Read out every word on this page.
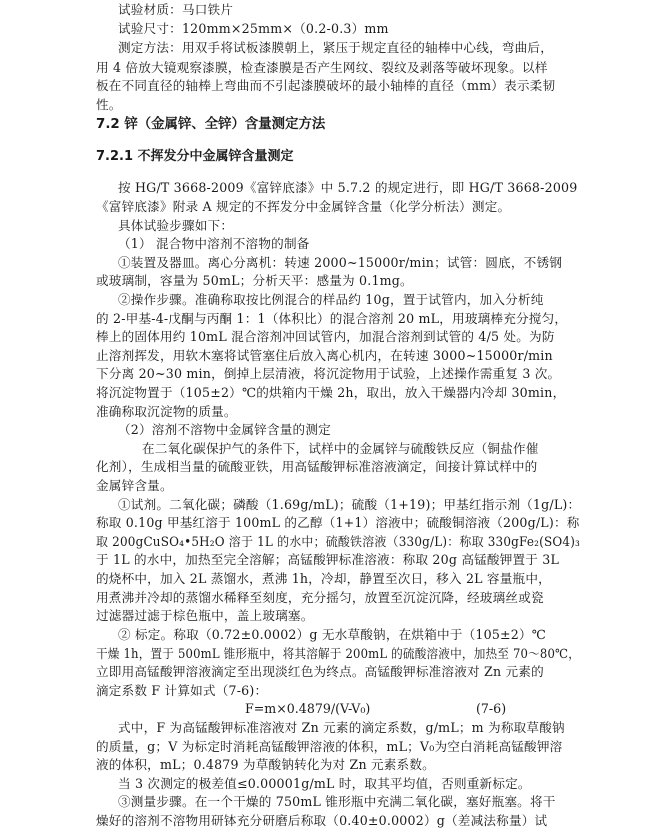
试验材质：马口铁片
试验尺寸：120mm×25mm×（0.2-0.3）mm
测定方法：用双手将试板漆膜朝上，紧压于规定直径的轴棒中心线，弯曲后，
用 4 倍放大镜观察漆膜，检查漆膜是否产生网纹、裂纹及剥落等破坏现象。以样
板在不同直径的轴棒上弯曲而不引起漆膜破坏的最小轴棒的直径（mm）表示柔韧
性。
7.2 锌（金属锌、全锌）含量测定方法
7.2.1 不挥发分中金属锌含量测定
按 HG/T 3668-2009《富锌底漆》中 5.7.2 的规定进行，即 HG/T 3668-2009
《富锌底漆》附录 A 规定的不挥发分中金属锌含量（化学分析法）测定。
具体试验步骤如下：
（1） 混合物中溶剂不溶物的制备
①装置及器皿。离心分离机：转速 2000~15000r/min；试管：圆底，不锈钢
或玻璃制，容量为 50mL；分析天平：感量为 0.1mg。
②操作步骤。准确称取按比例混合的样品约 10g，置于试管内，加入分析纯
的 2-甲基-4-戊酮与丙酮 1：1（体积比）的混合溶剂 20 mL，用玻璃棒充分搅匀，
棒上的固体用约 10mL 混合溶剂冲回试管内，加混合溶剂到试管的 4/5 处。为防
止溶剂挥发，用软木塞将试管塞住后放入离心机内，在转速 3000~15000r/min
下分离 20~30 min，倒掉上层清液，将沉淀物用于试验，上述操作需重复 3 次。
将沉淀物置于（105±2）℃的烘箱内干燥 2h，取出，放入干燥器内冷却 30min，
准确称取沉淀物的质量。
（2）溶剂不溶物中金属锌含量的测定
在二氧化碳保护气的条件下，试样中的金属锌与硫酸铁反应（铜盐作催
化剂），生成相当量的硫酸亚铁，用高锰酸钾标准溶液滴定，间接计算试样中的
金属锌含量。
①试剂。二氧化碳；磷酸（1.69g/mL)；硫酸（1+19)；甲基红指示剂（1g/L)：
称取 0.10g 甲基红溶于 100mL 的乙醇（1+1）溶液中；硫酸铜溶液（200g/L)：称
取 200gCuSO₄•5H₂O 溶于 1L 的水中；硫酸铁溶液（330g/L)：称取 330gFe₂(SO4)₃
于 1L 的水中，加热至完全溶解；高锰酸钾标准溶液：称取 20g 高锰酸钾置于 3L
的烧杯中，加入 2L 蒸馏水，煮沸 1h，冷却，静置至次日，移入 2L 容量瓶中，
用煮沸并冷却的蒸馏水稀释至刻度，充分摇匀，放置至沉淀沉降，经玻璃丝或瓷
过滤器过滤于棕色瓶中，盖上玻璃塞。
② 标定。称取（0.72±0.0002）g 无水草酸钠，在烘箱中于（105±2）℃
干燥 1h，置于 500mL 锥形瓶中，将其溶解于 200mL 的硫酸溶液中，加热至 70～80℃，
立即用高锰酸钾溶液滴定至出现淡红色为终点。高锰酸钾标准溶液对 Zn 元素的
滴定系数 F 计算如式（7-6)：
F=m×0.4879/(V-V₀)	(7-6)
式中，F 为高锰酸钾标准溶液对 Zn 元素的滴定系数，g/mL；m 为称取草酸钠
的质量，g；V 为标定时消耗高锰酸钾溶液的体积，mL；V₀为空白消耗高锰酸钾溶
液的体积，mL；0.4879 为草酸钠转化为对 Zn 元素系数。
当 3 次测定的极差值≤0.00001g/mL 时，取其平均值，否则重新标定。
③测量步骤。在一个干燥的 750mL 锥形瓶中充满二氧化碳，塞好瓶塞。将干
燥好的溶剂不溶物用研钵充分研磨后称取（0.40±0.0002）g（差减法称量）试
